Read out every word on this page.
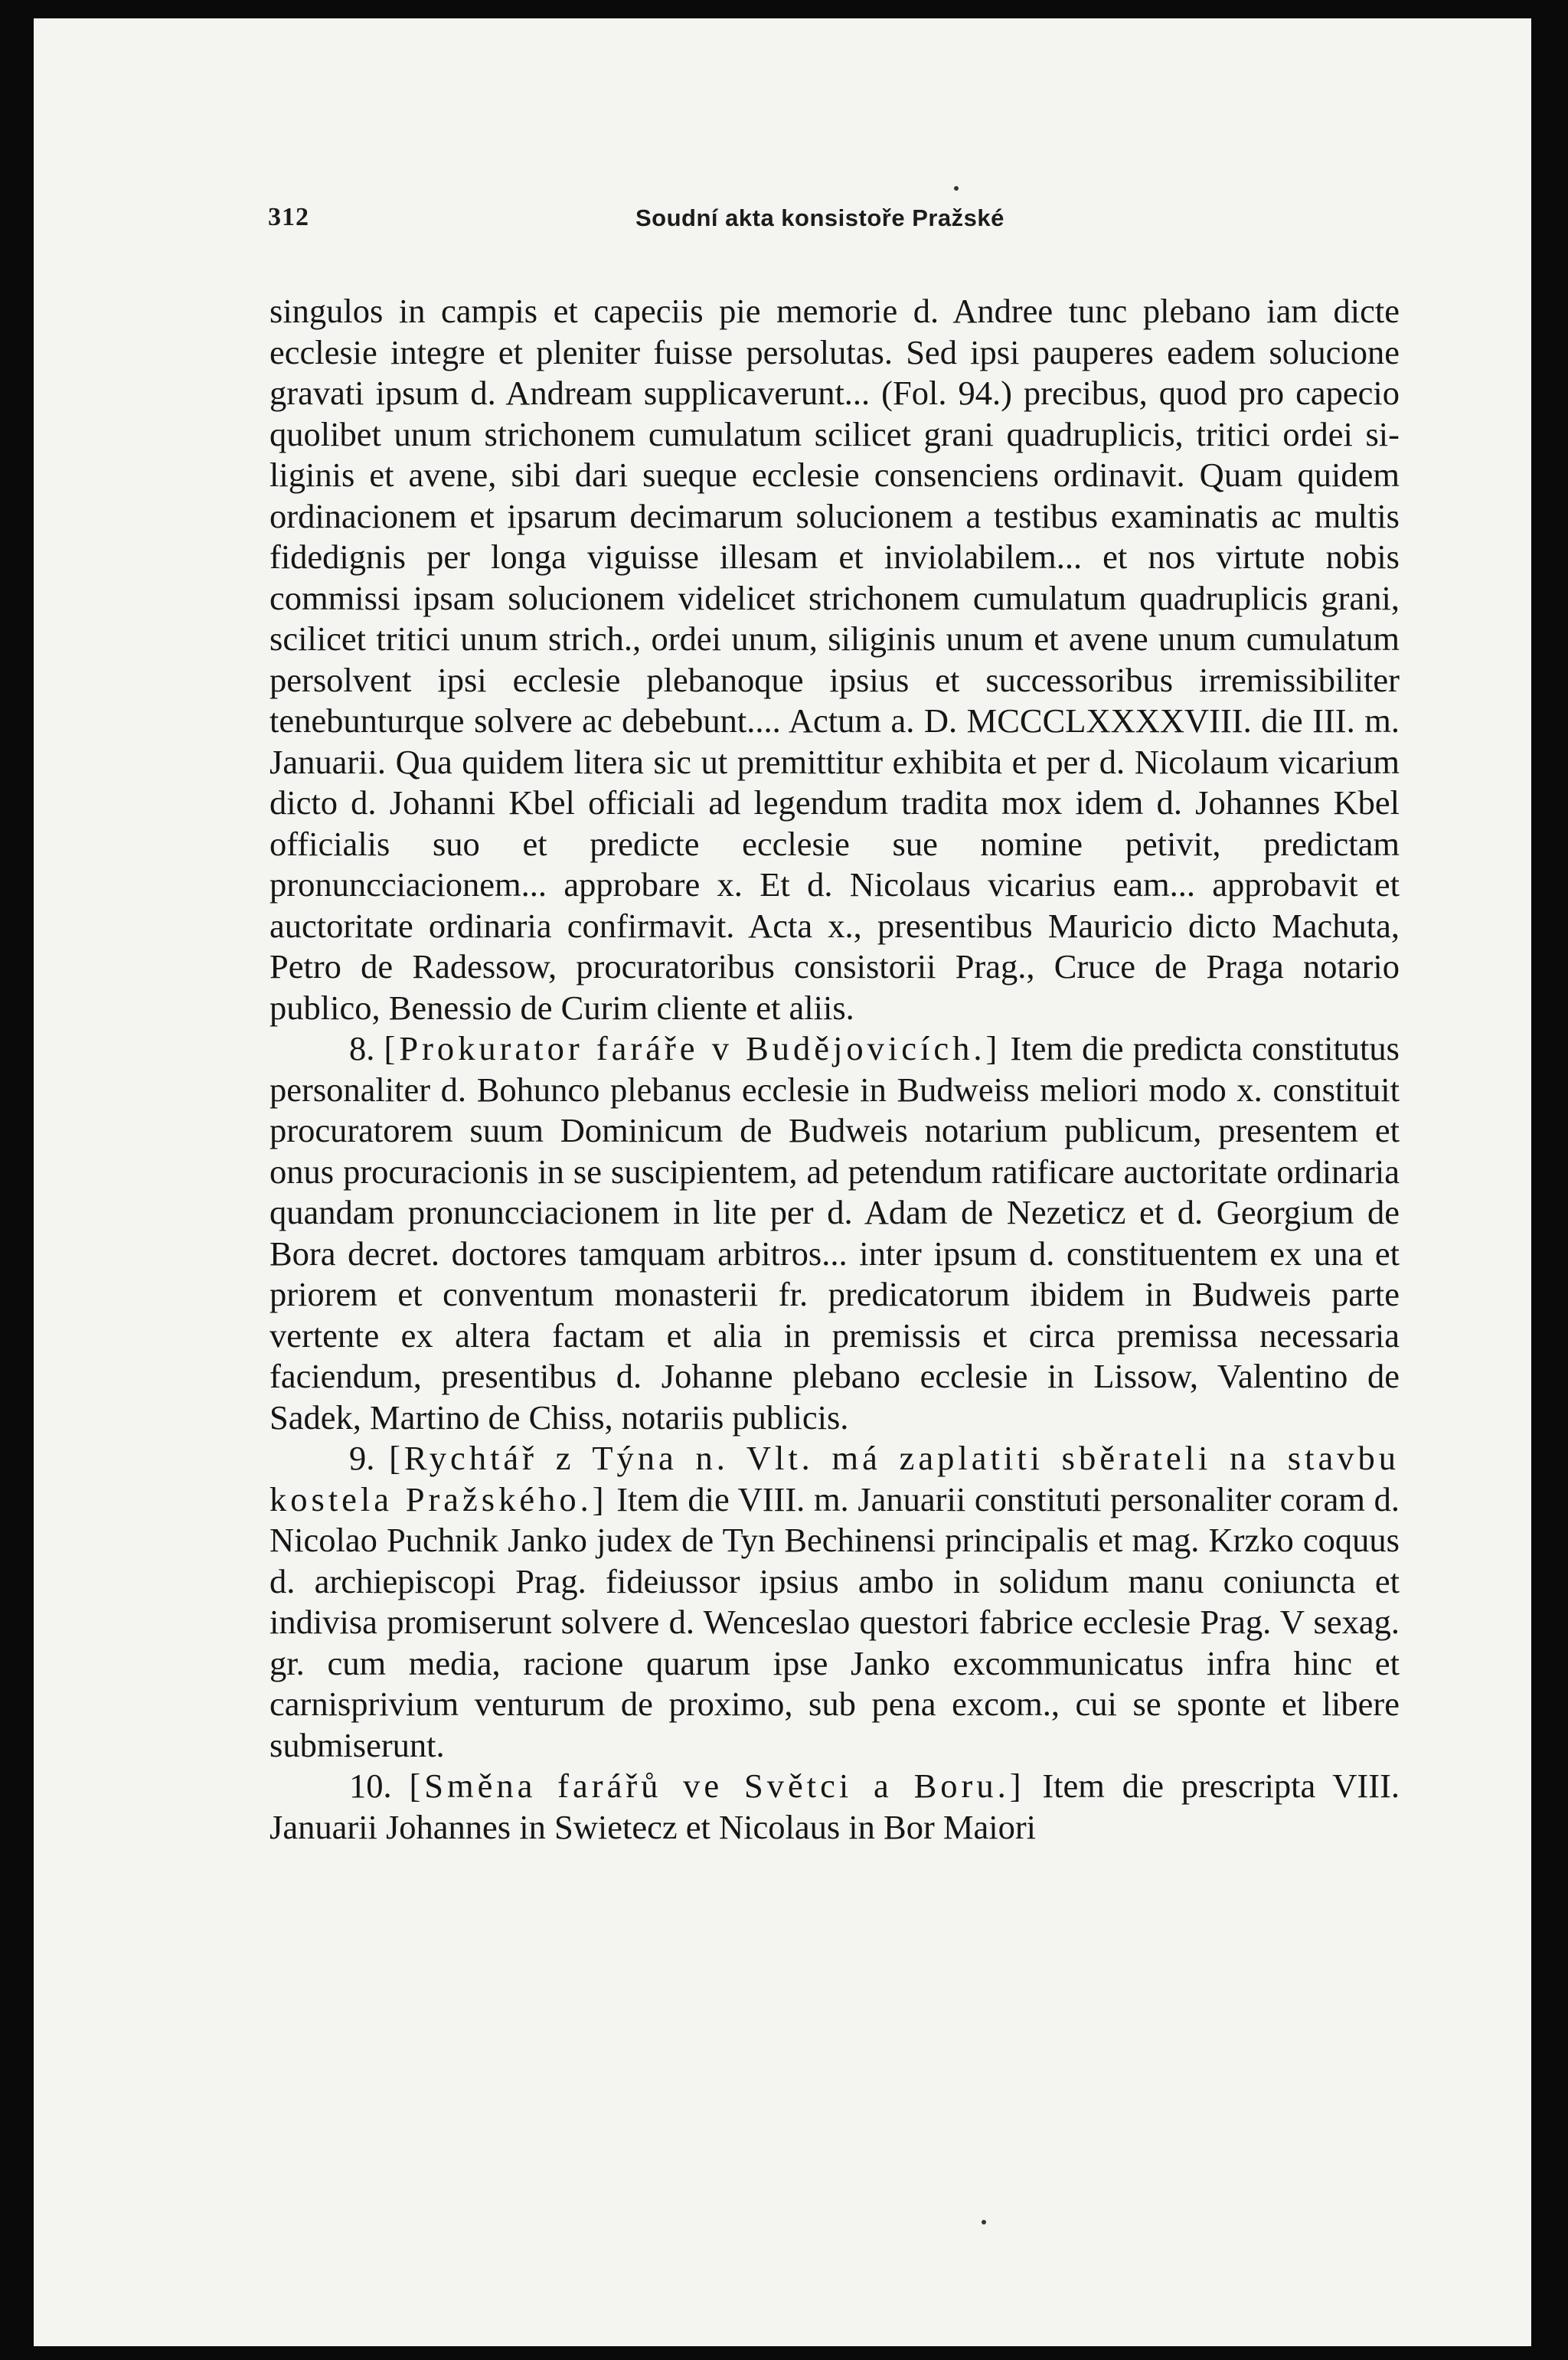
312	Soudní akta konsistoře Pražské

singulos in campis et capeciis pie memorie d. Andree tunc plebano iam dicte ecclesie integre et pleniter fuisse persolutas. Sed ipsi pauperes eadem solucione gravati ipsum d. Andream supplicaverunt... (Fol. 94.) precibus, quod pro capecio quolibet unum strichonem cumulatum scilicet grani quadruplicis, tritici ordei siliginis et avene, sibi dari sueque ecclesie consenciens ordinavit. Quam quidem ordinacionem et ipsarum decimarum solucionem a testibus examinatis ac multis fidedignis per longa viguisse illesam et inviolabilem... et nos virtute nobis commissi ipsam solucionem videlicet strichonem cumulatum quadruplicis grani, scilicet tritici unum strich., ordei unum, siliginis unum et avene unum cumulatum persolvent ipsi ecclesie plebanoque ipsius et successoribus irremissibiliter tenebunturque solvere ac debebunt.... Actum a. D. MCCCLXXXXVIII. die III. m. Januarii. Qua quidem litera sic ut premittitur exhibita et per d. Nicolaum vicarium dicto d. Johanni Kbel officiali ad legendum tradita mox idem d. Johannes Kbel officialis suo et predicte ecclesie sue nomine petivit, predictam pronuncciacionem... approbare x. Et d. Nicolaus vicarius eam... approbavit et auctoritate ordinaria confirmavit. Acta x., presentibus Mauricio dicto Machuta, Petro de Radessow, procuratoribus consistorii Prag., Cruce de Praga notario publico, Benessio de Curim cliente et aliis.

8. [Prokurator faráře v Budějovicích.] Item die predicta constitutus personaliter d. Bohunco plebanus ecclesie in Budweiss meliori modo x. constituit procuratorem suum Dominicum de Budweis notarium publicum, presentem et onus procuracionis in se suscipientem, ad petendum ratificare auctoritate ordinaria quandam pronuncciacionem in lite per d. Adam de Nezeticz et d. Georgium de Bora decret. doctores tamquam arbitros... inter ipsum d. constituentem ex una et priorem et conventum monasterii fr. predicatorum ibidem in Budweis parte vertente ex altera factam et alia in premissis et circa premissa necessaria faciendum, presentibus d. Johanne plebano ecclesie in Lissow, Valentino de Sadek, Martino de Chiss, notariis publicis.

9. [Rychtář z Týna n. Vlt. má zaplatiti sběrateli na stavbu kostela Pražského.] Item die VIII. m. Januarii constituti personaliter coram d. Nicolao Puchnik Janko judex de Tyn Bechinensi principalis et mag. Krzko coquus d. archiepiscopi Prag. fideiussor ipsius ambo in solidum manu coniuncta et indivisa promiserunt solvere d. Wenceslao questori fabrice ecclesie Prag. V sexag. gr. cum media, racione quarum ipse Janko excommunicatus infra hinc et carnisprivium venturum de proximo, sub pena excom., cui se sponte et libere submiserunt.

10. [Směna farářů ve Světci a Boru.] Item die prescripta VIII. Januarii Johannes in Swietecz et Nicolaus in Bor Maiori
